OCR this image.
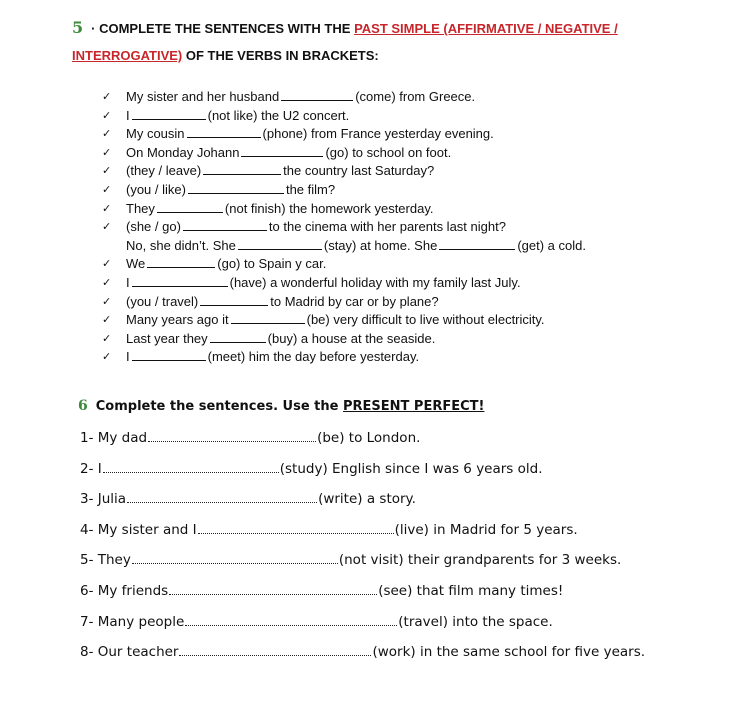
5 · COMPLETE THE SENTENCES WITH THE PAST SIMPLE (AFFIRMATIVE / NEGATIVE /
INTERROGATIVE) OF THE VERBS IN BRACKETS:
✓ My sister and her husband	(come) from Greece.
✓ I	(not like) the U2 concert.
✓ My cousin	(phone) from France yesterday evening.
✓ On Monday Johann	(go) to school on foot.
✓ (they / leave)	the country last Saturday?
✓ (you / like)	the film?
✓ They	(not finish) the homework yesterday.
✓ (she / go)	to the cinema with her parents last night?
No, she didn’t. She	(stay) at home. She	(get) a cold.
✓ We	(go) to Spain y car.
✓ I	(have) a wonderful holiday with my family last July.
✓ (you / travel)	to Madrid by car or by plane?
✓ Many years ago it	(be) very difficult to live without electricity.
✓ Last year they	(buy) a house at the seaside.
✓ I	(meet) him the day before yesterday.
6 Complete the sentences. Use the PRESENT PERFECT!
1- My dad	(be) to London.
2- I	(study) English since I was 6 years old.
3- Julia	(write) a story.
4- My sister and I	(live) in Madrid for 5 years.
5- They	(not visit) their grandparents for 3 weeks.
6- My friends	(see) that film many times!
7- Many people	(travel) into the space.
8- Our teacher	(work) in the same school for five years.
